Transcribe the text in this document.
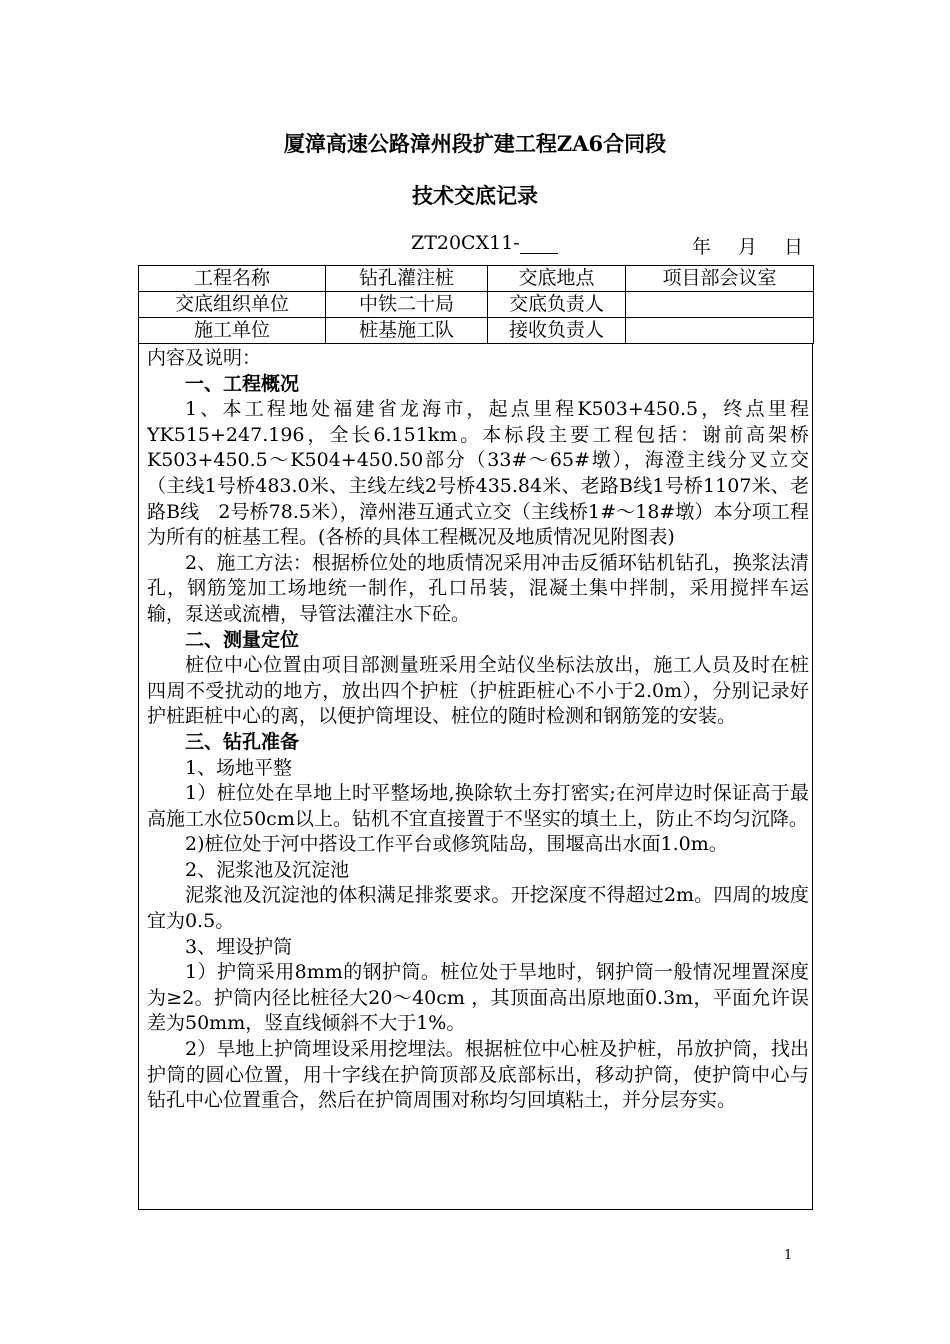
厦漳高速公路漳州段扩建工程ZA6合同段
技术交底记录
ZT20CX11-	年 月 日
工程名称	钻孔灌注桩	交底地点	项目部会议室
交底组织单位	中铁二十局	交底负责人	
施工单位	桩基施工队	接收负责人	

内容及说明：

一、工程概况

1、本工程地处福建省龙海市，起点里程K503+450.5，终点里程YK515+247.196，全长6.151km。本标段主要工程包括：谢前高架桥K503+450.5～K504+450.50部分（33#～65#墩），海澄主线分叉立交（主线1号桥483.0米、主线左线2号桥435.84米、老路B线1号桥1107米、老路B线　2号桥78.5米），漳州港互通式立交（主线桥1#～18#墩）本分项工程为所有的桩基工程。(各桥的具体工程概况及地质情况见附图表)

2、施工方法：根据桥位处的地质情况采用冲击反循环钻机钻孔，换浆法清孔，钢筋笼加工场地统一制作，孔口吊装，混凝土集中拌制，采用搅拌车运输，泵送或流槽，导管法灌注水下砼。

二、测量定位

桩位中心位置由项目部测量班采用全站仪坐标法放出，施工人员及时在桩四周不受扰动的地方，放出四个护桩（护桩距桩心不小于2.0m），分别记录好护桩距桩中心的离，以便护筒埋设、桩位的随时检测和钢筋笼的安装。

三、钻孔准备

1、场地平整

1）桩位处在旱地上时平整场地,换除软土夯打密实;在河岸边时保证高于最高施工水位50cm以上。钻机不宜直接置于不坚实的填土上，防止不均匀沉降。

2)桩位处于河中搭设工作平台或修筑陆岛，围堰高出水面1.0m。

2、泥浆池及沉淀池

泥浆池及沉淀池的体积满足排浆要求。开挖深度不得超过2m。四周的坡度宜为0.5。

3、埋设护筒

1）护筒采用8mm的钢护筒。桩位处于旱地时，钢护筒一般情况埋置深度为≥2。护筒内径比桩径大20～40cm ，其顶面高出原地面0.3m，平面允许误差为50mm，竖直线倾斜不大于1%。

2）旱地上护筒埋设采用挖埋法。根据桩位中心桩及护桩，吊放护筒，找出护筒的圆心位置，用十字线在护筒顶部及底部标出，移动护筒，使护筒中心与钻孔中心位置重合，然后在护筒周围对称均匀回填粘土，并分层夯实。

1
